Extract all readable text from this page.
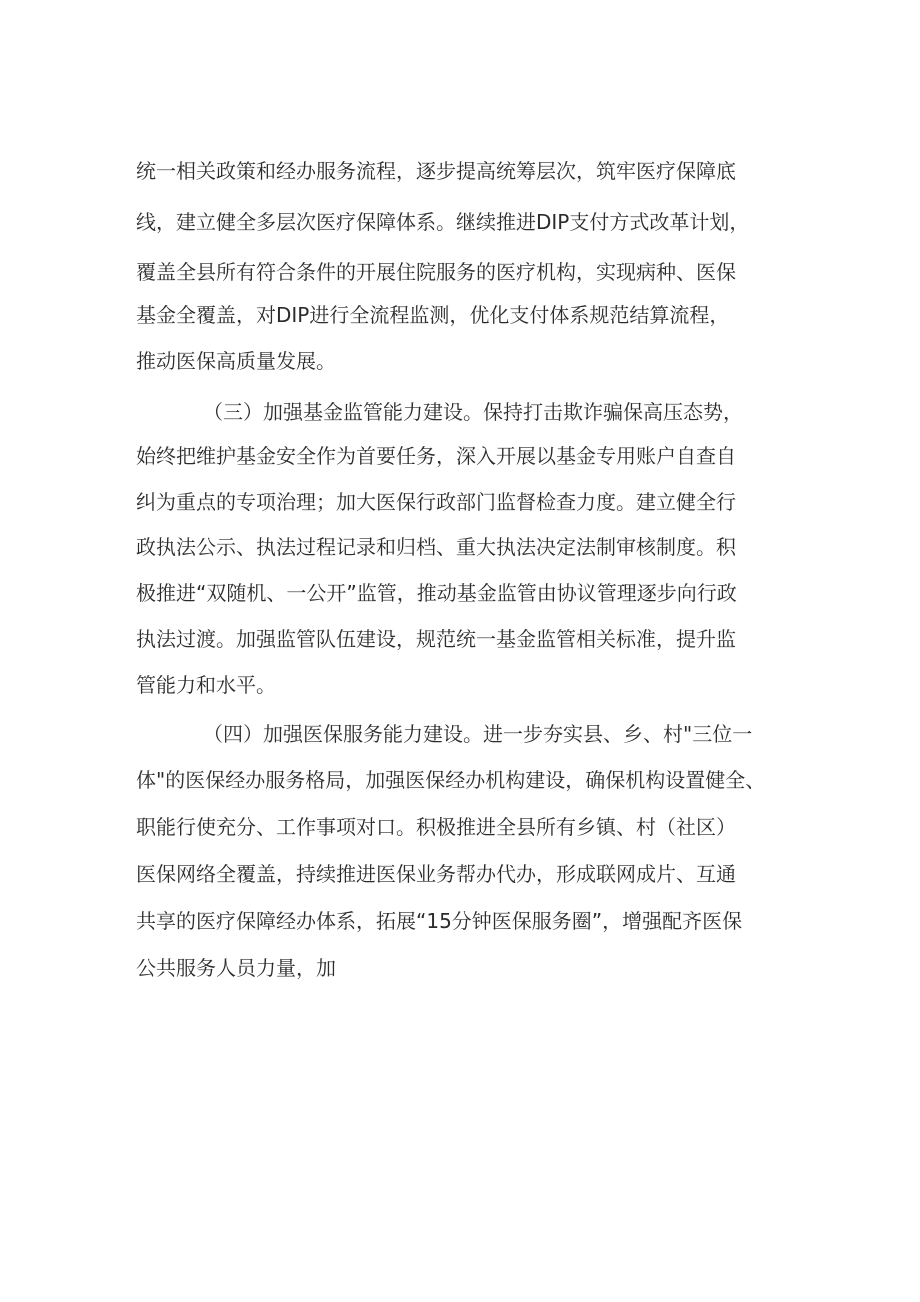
统一相关政策和经办服务流程，逐步提高统筹层次，筑牢医疗保障底
线，建立健全多层次医疗保障体系。继续推进DIP支付方式改革计划，
覆盖全县所有符合条件的开展住院服务的医疗机构，实现病种、医保
基金全覆盖，对DIP进行全流程监测，优化支付体系规范结算流程，
推动医保高质量发展。
（三）加强基金监管能力建设。保持打击欺诈骗保高压态势，
始终把维护基金安全作为首要任务，深入开展以基金专用账户自查自
纠为重点的专项治理；加大医保行政部门监督检查力度。建立健全行
政执法公示、执法过程记录和归档、重大执法决定法制审核制度。积
极推进“双随机、一公开”监管，推动基金监管由协议管理逐步向行政
执法过渡。加强监管队伍建设，规范统一基金监管相关标准，提升监
管能力和水平。
（四）加强医保服务能力建设。进一步夯实县、乡、村"三位一
体"的医保经办服务格局，加强医保经办机构建设，确保机构设置健全、
职能行使充分、工作事项对口。积极推进全县所有乡镇、村（社区）
医保网络全覆盖，持续推进医保业务帮办代办，形成联网成片、互通
共享的医疗保障经办体系，拓展“15分钟医保服务圈”，增强配齐医保
公共服务人员力量，加
